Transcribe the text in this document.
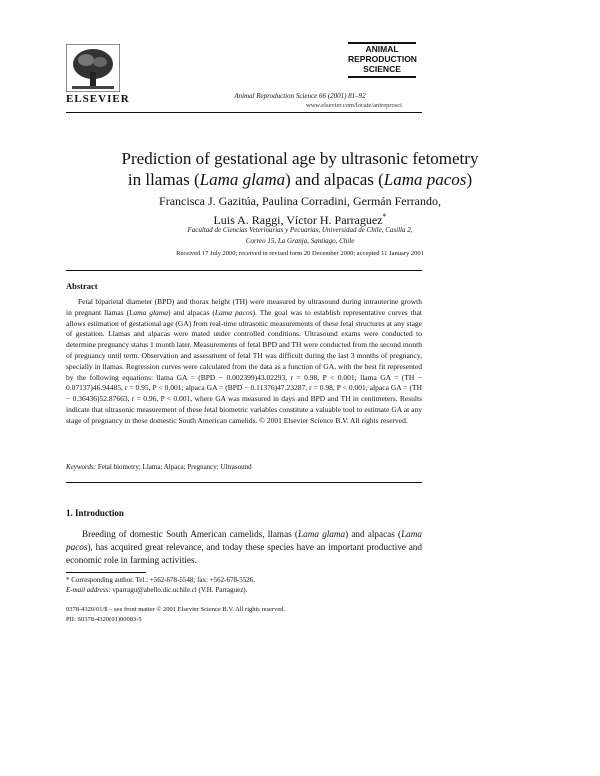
ELSEVIER	Animal Reproduction Science 66 (2001) 81–92
ANIMAL
REPRODUCTION
SCIENCE
www.elsevier.com/locate/anireprosci
Prediction of gestational age by ultrasonic fetometry
in llamas (Lama glama) and alpacas (Lama pacos)
Francisca J. Gazitúa, Paulina Corradini, Germán Ferrando,
Luis A. Raggi, Víctor H. Parraguez*
Facultad de Ciencias Veterinarias y Pecuarias, Universidad de Chile, Casilla 2,
Correo 15, La Granja, Santiago, Chile
Received 17 July 2000; received in revised form 20 December 2000; accepted 11 January 2001
Abstract

Fetal biparietal diameter (BPD) and thorax height (TH) were measured by ultrasound during intrauterine growth in pregnant llamas (Lama glama) and alpacas (Lama pacos). The goal was to establish representative curves that allows estimation of gestational age (GA) from real-time ultrasonic measurements of these fetal structures at any stage of gestation. Llamas and alpacas were mated under controlled conditions. Ultrasound exams were conducted to determine pregnancy status 1 month later. Measurements of fetal BPD and TH were conducted from the second month of pregnancy until term. Observation and assessment of fetal TH was difficult during the last 3 months of pregnancy, specially in llamas. Regression curves were calculated from the data as a function of GA, with the best fit represented by the following equations: llama GA = (BPD − 0.002399)43.02293, r = 0.98, P < 0.001; llama GA = (TH − 0.07137)46.94485, r = 0.95, P < 0.001; alpaca GA = (BPD − 0.11376)47.23287, r = 0.98, P < 0.001; alpaca GA = (TH − 0.36436)52.87663, r = 0.96, P < 0.001, where GA was measured in days and BPD and TH in centimeters. Results indicate that ultrasonic measurement of these fetal biometric variables constitute a valuable tool to estimate GA at any stage of pregnancy in these domestic South American camelids. © 2001 Elsevier Science B.V. All rights reserved.

Keywords: Fetal biometry; Llama; Alpaca; Pregnancy; Ultrasound
1. Introduction

Breeding of domestic South American camelids, llamas (Lama glama) and alpacas (Lama pacos), has acquired great relevance, and today these species have an important productive and economic role in farming activities.

* Corresponding author. Tel.: +562-678-5548; fax: +562-678-5526.
E-mail address: vparragu@abello.dic.uchile.cl (V.H. Parraguez).
0378-4320/01/$ – see front matter © 2001 Elsevier Science B.V. All rights reserved.
PII: S0378-4320(01)00083-5
